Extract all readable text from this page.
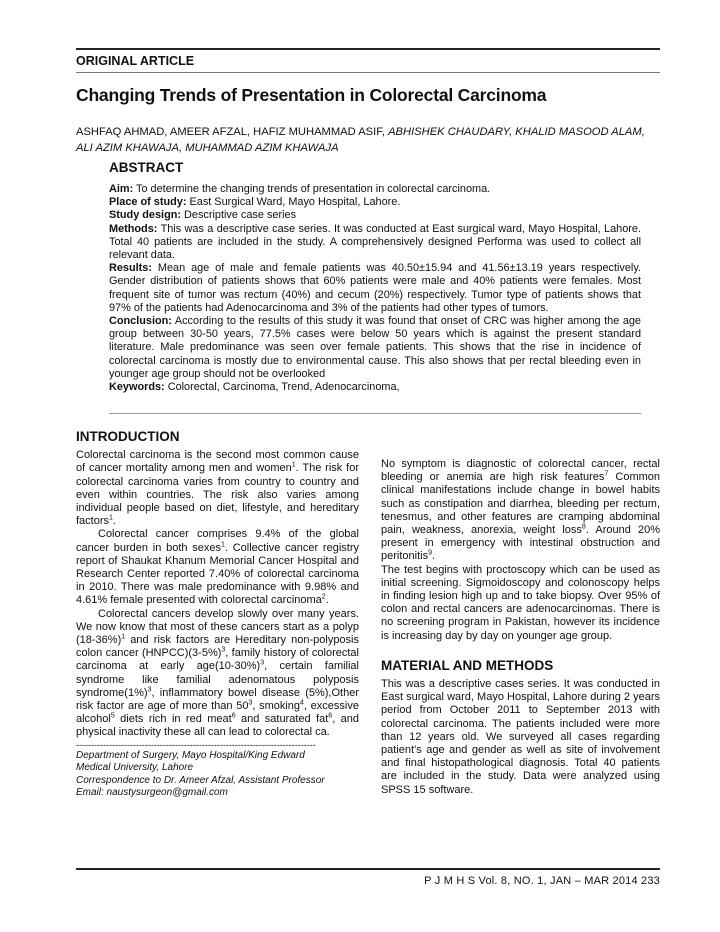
ORIGINAL ARTICLE
Changing Trends of Presentation in Colorectal Carcinoma
ASHFAQ AHMAD, AMEER AFZAL, HAFIZ MUHAMMAD ASIF, ABHISHEK CHAUDARY, KHALID MASOOD ALAM, ALI AZIM KHAWAJA, MUHAMMAD AZIM KHAWAJA
ABSTRACT

Aim: To determine the changing trends of presentation in colorectal carcinoma.

Place of study: East Surgical Ward, Mayo Hospital, Lahore.

Study design: Descriptive case series

Methods: This was a descriptive case series. It was conducted at East surgical ward, Mayo Hospital, Lahore. Total 40 patients are included in the study. A comprehensively designed Performa was used to collect all relevant data.

Results: Mean age of male and female patients was 40.50±15.94 and 41.56±13.19 years respectively. Gender distribution of patients shows that 60% patients were male and 40% patients were females. Most frequent site of tumor was rectum (40%) and cecum (20%) respectively. Tumor type of patients shows that 97% of the patients had Adenocarcinoma and 3% of the patients had other types of tumors.

Conclusion: According to the results of this study it was found that onset of CRC was higher among the age group between 30-50 years, 77.5% cases were below 50 years which is against the present standard literature. Male predominance was seen over female patients. This shows that the rise in incidence of colorectal carcinoma is mostly due to environmental cause. This also shows that per rectal bleeding even in younger age group should not be overlooked

Keywords: Colorectal, Carcinoma, Trend, Adenocarcinoma,

INTRODUCTION

Colorectal carcinoma is the second most common cause of cancer mortality among men and women$^1$. The risk for colorectal carcinoma varies from country to country and even within countries. The risk also varies among individual people based on diet, lifestyle, and hereditary factors$^1$.

Colorectal cancer comprises 9.4% of the global cancer burden in both sexes$^1$. Collective cancer registry report of Shaukat Khanum Memorial Cancer Hospital and Research Center reported 7.40% of colorectal carcinoma in 2010. There was male predominance with 9.98% and 4.61% female presented with colorectal carcinoma$^2$.

Colorectal cancers develop slowly over many years. We now know that most of these cancers start as a polyp $(18-36\%)^1$ and risk factors are Hereditary non-polyposis colon cancer $(HNPCC)(3-5\%)^3$, family history of colorectal carcinoma at early $age(10-30\%)^3$, certain familial syndrome like familial adenomatous polyposis $syndrome(1\%)^3$, inflammatory bowel disease (5%),Other risk factor are age of more than $50^3$, smoking$^4$, excessive alcohol$^5$ diets rich in red meat$^6$ and saturated fat$^6$, and physical inactivity these all can lead to colorectal ca.

--------------------------------------------------------------------------------
Department of Surgery, Mayo Hospital/King Edward
Medical University, Lahore
Correspondence to Dr. Ameer Afzal, Assistant Professor
Email: naustysurgeon@gmail.com

No symptom is diagnostic of colorectal cancer, rectal bleeding or anemia are high risk features$^7$ Common clinical manifestations include change in bowel habits such as constipation and diarrhea, bleeding per rectum, tenesmus, and other features are cramping abdominal pain, weakness, anorexia, weight loss$^8$. Around 20% present in emergency with intestinal obstruction and peritonitis$^9$.

The test begins with proctoscopy which can be used as initial screening. Sigmoidoscopy and colonoscopy helps in finding lesion high up and to take biopsy. Over 95% of colon and rectal cancers are adenocarcinomas. There is no screening program in Pakistan, however its incidence is increasing day by day on younger age group.

MATERIAL AND METHODS

This was a descriptive cases series. It was conducted in East surgical ward, Mayo Hospital, Lahore during 2 years period from October 2011 to September 2013 with colorectal carcinoma. The patients included were more than 12 years old. We surveyed all cases regarding patient’s age and gender as well as site of involvement and final histopathological diagnosis. Total 40 patients are included in the study. Data were analyzed using SPSS 15 software.

P J M H S Vol. 8, NO. 1, JAN – MAR 2014 233
